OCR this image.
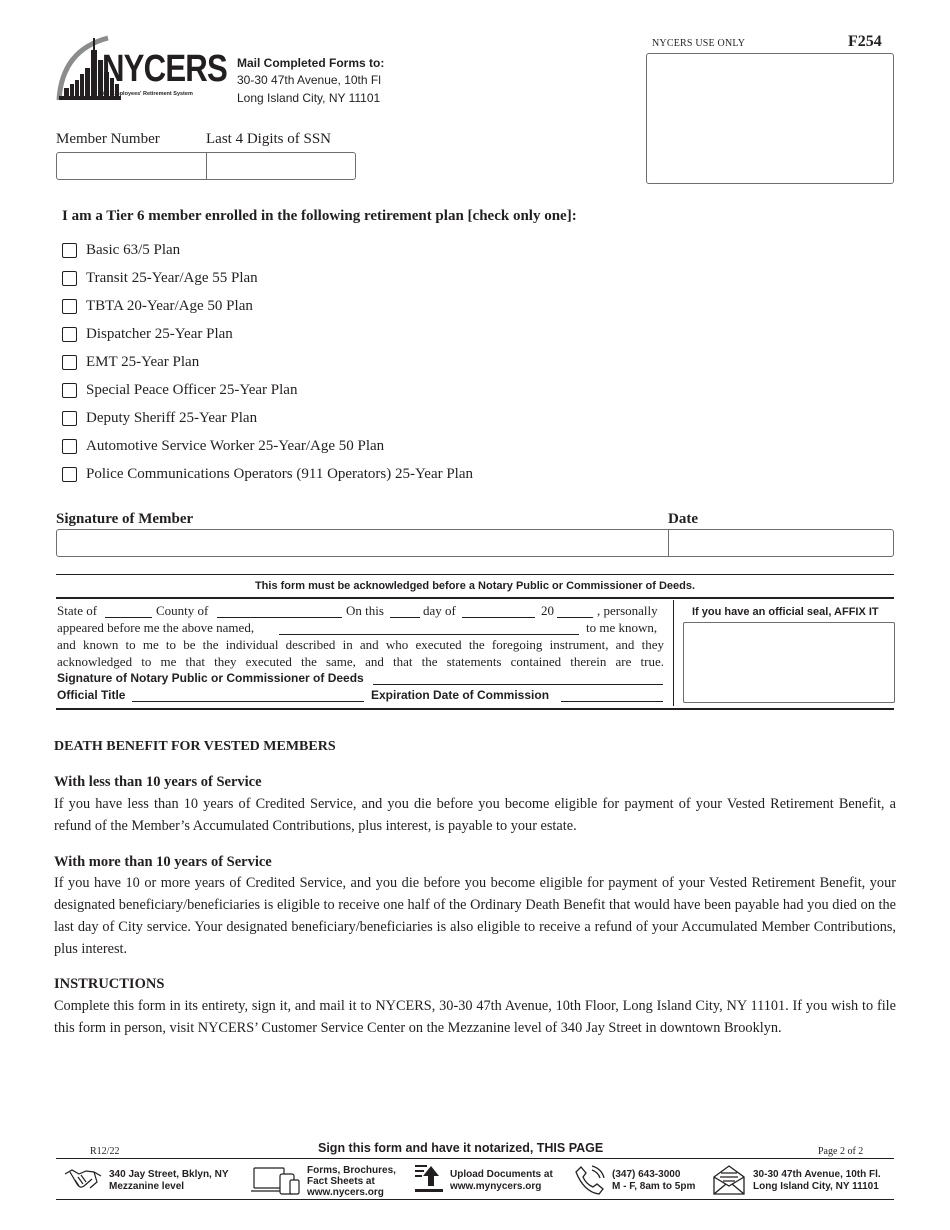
NYCERS
NYC Employees' Retirement System
Mail Completed Forms to:
30-30 47th Avenue, 10th Fl
Long Island City, NY 11101
NYCERS USE ONLY	F254
Member Number	Last 4 Digits of SSN
I am a Tier 6 member enrolled in the following retirement plan [check only one]:
Basic 63/5 Plan
Transit 25-Year/Age 55 Plan
TBTA 20-Year/Age 50 Plan
Dispatcher 25-Year Plan
EMT 25-Year Plan
Special Peace Officer 25-Year Plan
Deputy Sheriff 25-Year Plan
Automotive Service Worker 25-Year/Age 50 Plan
Police Communications Operators (911 Operators) 25-Year Plan
Signature of Member	Date
This form must be acknowledged before a Notary Public or Commissioner of Deeds.
State of	County of	On this	day of	20	, personally
appeared before me the above named,	to me known,
and known to me to be the individual described in and who executed the foregoing instrument, and they
acknowledged to me that they executed the same, and that the statements contained therein are true.
Signature of Notary Public or Commissioner of Deeds
Official Title	Expiration Date of Commission
If you have an official seal, AFFIX IT
DEATH BENEFIT FOR VESTED MEMBERS
With less than 10 years of Service
If you have less than 10 years of Credited Service, and you die before you become eligible for payment of your Vested Retirement Benefit, a refund of the Member’s Accumulated Contributions, plus interest, is payable to your estate.
With more than 10 years of Service
If you have 10 or more years of Credited Service, and you die before you become eligible for payment of your Vested Retirement Benefit, your designated beneficiary/beneficiaries is eligible to receive one half of the Ordinary Death Benefit that would have been payable had you died on the last day of City service. Your designated beneficiary/beneficiaries is also eligible to receive a refund of your Accumulated Member Contributions, plus interest.
INSTRUCTIONS
Complete this form in its entirety, sign it, and mail it to NYCERS, 30-30 47th Avenue, 10th Floor, Long Island City, NY 11101. If you wish to file this form in person, visit NYCERS’ Customer Service Center on the Mezzanine level of 340 Jay Street in downtown Brooklyn.
R12/22	Sign this form and have it notarized, THIS PAGE	Page 2 of 2
340 Jay Street, Bklyn, NY
Mezzanine level
Forms, Brochures,
Fact Sheets at
www.nycers.org
Upload Documents at
www.mynycers.org
(347) 643-3000
M - F, 8am to 5pm
30-30 47th Avenue, 10th Fl.
Long Island City, NY 11101
